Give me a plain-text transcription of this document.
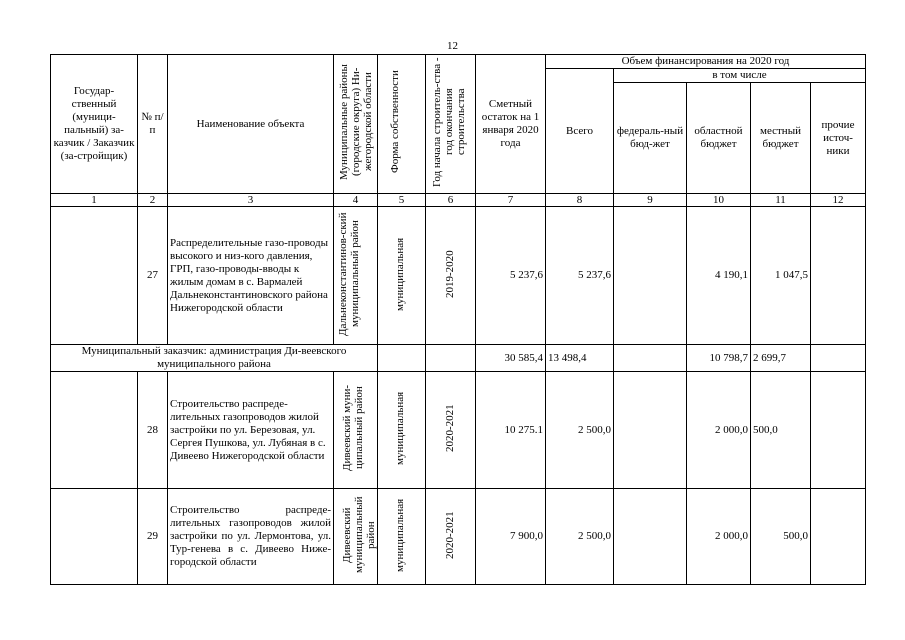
12
Государ-ственный (муници-пальный) за-казчик / Заказчик (за-стройщик)	№ п/п	Наименование объекта	Муниципальные районы (городские округа) Ни-жегородской области	Форма собственности	Год начала строитель-ства - год окончания строительства	Сметный остаток на 1 января 2020 года	Объем финансирования на 2020 год				
							Всего	в том числе			
								федераль-ный бюд-жет	областной бюджет	местный бюджет	прочие источ-ники
1	2	3	4	5	6	7	8	9	10	11	12
	27	Распределительные газо-проводы высокого и низ-кого давления, ГРП, газо-проводы-вводы к жилым домам в с. Вармалей Дальнеконстантиновского района Нижегородской области	Дальнеконстантинов-ский муниципальный район	муниципальная	2019-2020	5 237,6	5 237,6		4 190,1	1 047,5	
Муниципальный заказчик: администрация Ди-веевского муниципального района						30 585,4	13 498,4		10 798,7	2 699,7	
	28	Строительство распреде-лительных газопроводов жилой застройки по ул. Березовая, ул. Сергея Пушкова, ул. Лубяная в с. Дивеево Нижегородской области	Дивеевский муни-ципальный район	муниципальная	2020-2021	10 275.1	2 500,0		2 000,0	500,0	
	29	Строительство распреде-лительных газопроводов жилой застройки по ул. Лермонтова, ул. Тур-генева в с. Дивеево Ниже-городской области	Дивеевский муниципальный район	муниципальная	2020-2021	7 900,0	2 500,0		2 000,0	500,0	
